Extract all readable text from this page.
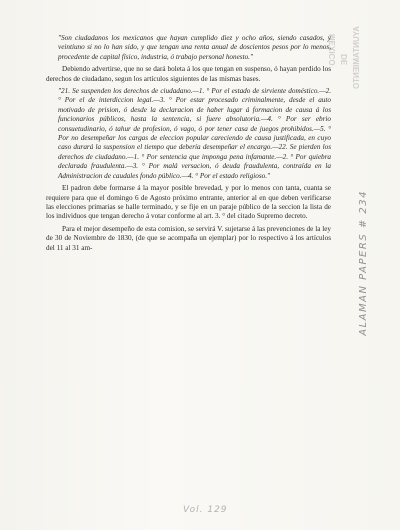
AYUNTAMIENTO
DE
MEXICO

"Son ciudadanos los mexicanos que hayan cumplido diez y ocho años, siendo casados, y veintiuno si no lo han sido, y que tengan una renta anual de doscientos pesos por lo menos, procedente de capital físico, industria, ó trabajo personal honesto."

Debiendo advertirse, que no se dará boleta á los que tengan en suspenso, ó hayan perdido los derechos de ciudadano, segun los artículos siguientes de las mismas bases.

"21. Se suspenden los derechos de ciudadano.—1. ° Por el estado de sirviente doméstico.—2. ° Por el de interdiccion legal.—3. ° Por estar procesado criminalmente, desde el auto motivado de prision, ó desde la declaracion de haber lugar á formacion de causa á los funcionarios públicos, hasta la sentencia, si fuere absolutoria.—4. ° Por ser ebrio consuetudinario, ó tahur de profesion, ó vago, ó por tener casa de juegos prohibidos.—5. ° Por no desempeñar los cargas de eleccion popular careciendo de causa justificada, en cuyo caso durará la suspension el tiempo que debería desempeñar el encargo.—22. Se pierden los derechos de ciudadano.—1. ° Por sentencia que imponga pena infamante.—2. ° Por quiebra declarada fraudulenta.—3. ° Por malá versacion, ó deuda fraudulenta, contraída en la Administracion de caudales fondo público.—4. ° Por el estado religioso."

El padron debe formarse á la mayor posible brevedad, y por lo menos con tanta, cuanta se requiere para que el domingo 6 de Agosto próximo entrante, anterior al en que deben verificarse las elecciones primarias se halle terminado, y se fije en un paraje público de la seccion la lista de los individuos que tengan derecho á votar conforme al art. 3. ° del citado Supremo decreto.

Para el mejor desempeño de esta comision, se servirá V. sujetarse á las prevenciones de la ley de 30 de Noviembre de 1830, (de que se acompaña un ejemplar) por lo respectivo á los artículos del 11 al 31 am-	ALAMAN PAPERS # 234
Vol. 129
